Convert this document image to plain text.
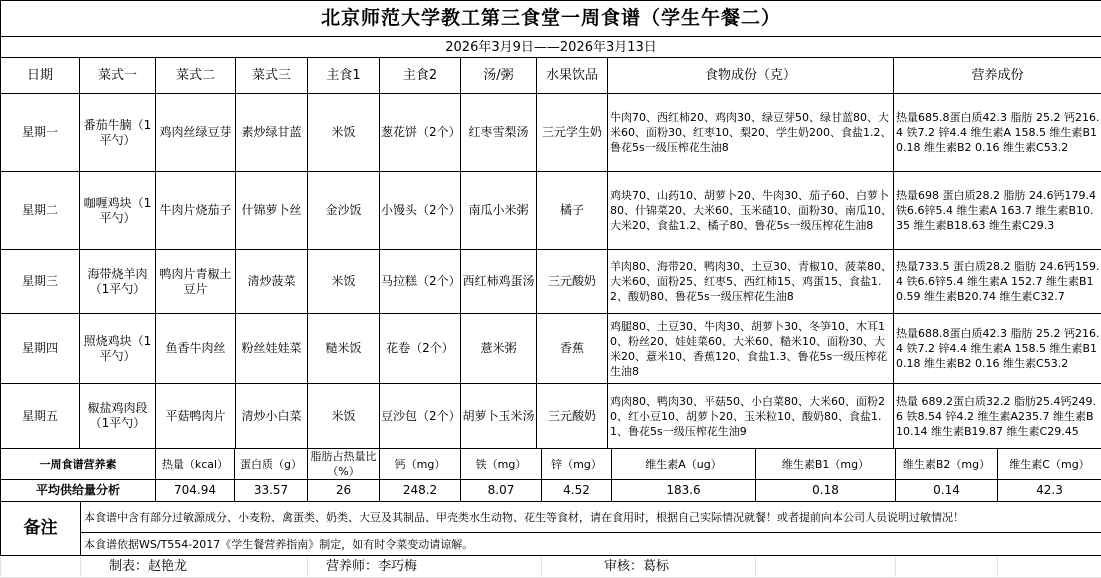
北京师范大学教工第三食堂一周食谱（学生午餐二）									
2026年3月9日——2026年3月13日									
日期	菜式一	菜式二	菜式三	主食1	主食2	汤/粥	水果饮品	食物成份（克）	营养成份
星期一	番茄牛腩（1平勺）	鸡肉丝绿豆芽	素炒绿甘蓝	米饭	葱花饼（2个）	红枣雪梨汤	三元学生奶	牛肉70、西红柿20、鸡肉30、绿豆芽50、绿甘蓝80、大米60、面粉30、红枣10、梨20、学生奶200、食盐1.2、鲁花5s一级压榨花生油8	热量685.8蛋白质42.3 脂肪 25.2 钙216.4 铁7.2 锌4.4 维生素A 158.5 维生素B1 0.18 维生素B2 0.16 维生素C53.2
星期二	咖喱鸡块（1平勺）	牛肉片烧茄子	什锦萝卜丝	金沙饭	小馒头（2个）	南瓜小米粥	橘子	鸡块70、山药10、胡萝卜20、牛肉30、茄子60、白萝卜80、什锦菜20、大米60、玉米碴10、面粉30、南瓜10、大米20、食盐1.2、橘子80、鲁花5s一级压榨花生油8	热量698 蛋白质28.2 脂肪 24.6钙179.4 铁6.6锌5.4 维生素A 163.7 维生素B10.35 维生素B18.63 维生素C29.3
星期三	海带烧羊肉（1平勺）	鸭肉片青椒土豆片	清炒菠菜	米饭	马拉糕（2个）	西红柿鸡蛋汤	三元酸奶	羊肉80、海带20、鸭肉30、土豆30、青椒10、菠菜80、大米60、面粉25、红枣5、西红柿15、鸡蛋15、食盐1.2、酸奶80、鲁花5s一级压榨花生油8	热量733.5 蛋白质28.2 脂肪 24.6钙159.4 铁6.6锌5.4 维生素A 152.7 维生素B10.59 维生素B20.74 维生素C32.7
星期四	照烧鸡块（1平勺）	鱼香牛肉丝	粉丝娃娃菜	糙米饭	花卷（2个）	薏米粥	香蕉	鸡腿80、土豆30、牛肉30、胡萝卜30、冬笋10、木耳10、粉丝20、娃娃菜60、大米60、糙米10、面粉30、大米20、薏米10、香蕉120、食盐1.3、鲁花5s一级压榨花生油8	热量688.8蛋白质42.3 脂肪 25.2 钙216.4 铁7.2 锌4.4 维生素A 158.5 维生素B1 0.18 维生素B2 0.16 维生素C53.2
星期五	椒盐鸡肉段（1平勺）	平菇鸭肉片	清炒小白菜	米饭	豆沙包（2个）	胡萝卜玉米汤	三元酸奶	鸡肉80、鸭肉30、平菇50、小白菜80、大米60、面粉20、红小豆10、胡萝卜20、玉米粒10、酸奶80、食盐1.1、鲁花5s一级压榨花生油9	热量 689.2蛋白质32.2 脂肪25.4钙249.6 铁8.54 锌4.2 维生素A235.7 维生素B10.14 维生素B19.87 维生素C29.45
一周食谱营养素		热量（kcal）	蛋白质（g）	脂肪占热量比（%）	钙（mg）	铁（mg）	锌（mg）	维生素A（ug）	维生素B1（mg）	维生素B2（mg）	维生素C（mg）
平均供给量分析		704.94	33.57	26	248.2	8.07	4.52	183.6	0.18	0.14	42.3
备注	本食谱中含有部分过敏源成分、小麦粉、禽蛋类、奶类、大豆及其制品、甲壳类水生动物、花生等食材，请在食用时，根据自己实际情况就餐！或者提前向本公司人员说明过敏情况！										
	本食谱依据WS/T554-2017《学生餐营养指南》制定，如有时令菜变动请谅解。										
	制表：赵艳龙			营养师：李巧梅			审核：葛标				
